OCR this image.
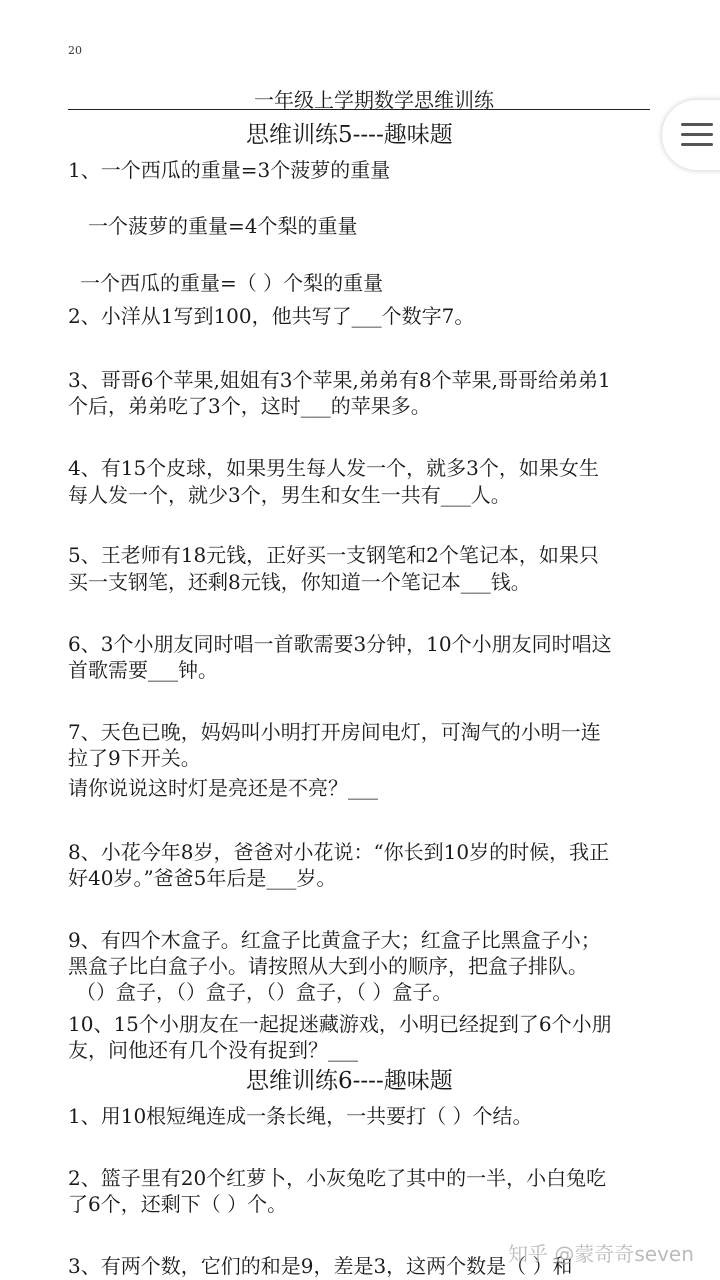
20
一年级上学期数学思维训练
思维训练5----趣味题
1、一个西瓜的重量=3个菠萝的重量
一个菠萝的重量=4个梨的重量
一个西瓜的重量=（ ）个梨的重量
2、小洋从1写到100，他共写了___个数字7。
3、哥哥6个苹果,姐姐有3个苹果,弟弟有8个苹果,哥哥给弟弟1
个后，弟弟吃了3个，这时___的苹果多。
4、有15个皮球，如果男生每人发一个，就多3个，如果女生
每人发一个，就少3个，男生和女生一共有___人。
5、王老师有18元钱，正好买一支钢笔和2个笔记本，如果只
买一支钢笔，还剩8元钱，你知道一个笔记本___钱。
6、3个小朋友同时唱一首歌需要3分钟，10个小朋友同时唱这
首歌需要___钟。
7、天色已晚，妈妈叫小明打开房间电灯，可淘气的小明一连
拉了9下开关。
请你说说这时灯是亮还是不亮？___
8、小花今年8岁，爸爸对小花说：“你长到10岁的时候，我正
好40岁。”爸爸5年后是___岁。
9、有四个木盒子。红盒子比黄盒子大；红盒子比黑盒子小；
黑盒子比白盒子小。请按照从大到小的顺序，把盒子排队。
（）盒子，（）盒子，（）盒子，（ ）盒子。
10、15个小朋友在一起捉迷藏游戏，小明已经捉到了6个小朋
友，问他还有几个没有捉到？___
思维训练6----趣味题
1、用10根短绳连成一条长绳，一共要打（ ）个结。
2、篮子里有20个红萝卜，小灰兔吃了其中的一半，小白兔吃
了6个，还剩下（ ）个。
3、有两个数，它们的和是9，差是3，这两个数是（ ）和
知乎 @蒙奇奇seven
